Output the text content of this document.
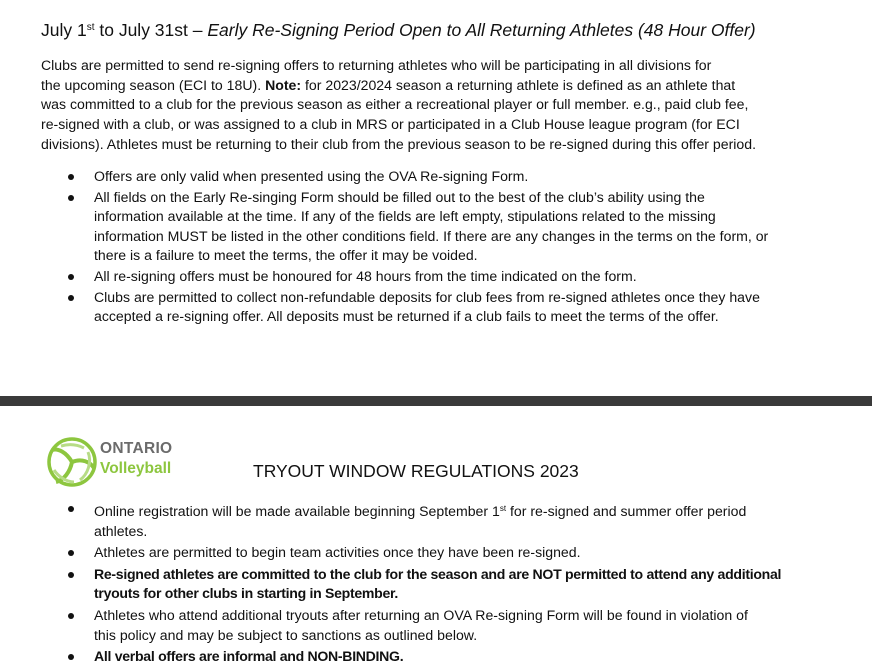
July 1st to July 31st – Early Re-Signing Period Open to All Returning Athletes (48 Hour Offer)

Clubs are permitted to send re-signing offers to returning athletes who will be participating in all divisions for
the upcoming season (ECI to 18U). Note: for 2023/2024 season a returning athlete is defined as an athlete that
was committed to a club for the previous season as either a recreational player or full member. e.g., paid club fee,
re-signed with a club, or was assigned to a club in MRS or participated in a Club House league program (for ECI
divisions). Athletes must be returning to their club from the previous season to be re-signed during this offer period.

Offers are only valid when presented using the OVA Re-signing Form.
All fields on the Early Re-singing Form should be filled out to the best of the club’s ability using the
information available at the time. If any of the fields are left empty, stipulations related to the missing
information MUST be listed in the other conditions field. If there are any changes in the terms on the form, or
there is a failure to meet the terms, the offer it may be voided.
All re-signing offers must be honoured for 48 hours from the time indicated on the form.
Clubs are permitted to collect non-refundable deposits for club fees from re-signed athletes once they have
accepted a re-signing offer. All deposits must be returned if a club fails to meet the terms of the offer.
ONTARIO
Volleyball	TRYOUT WINDOW REGULATIONS 2023
Online registration will be made available beginning September 1st for re-signed and summer offer period
athletes.
Athletes are permitted to begin team activities once they have been re-signed.
Re-signed athletes are committed to the club for the season and are NOT permitted to attend any additional
tryouts for other clubs in starting in September.
Athletes who attend additional tryouts after returning an OVA Re-signing Form will be found in violation of
this policy and may be subject to sanctions as outlined below.
All verbal offers are informal and NON-BINDING.
